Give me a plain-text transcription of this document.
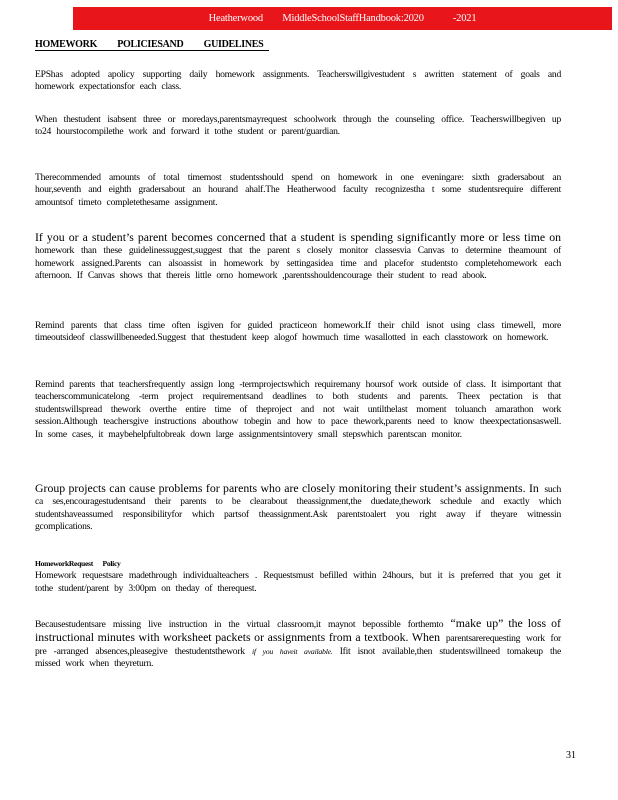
Heatherwood MiddleSchoolStaffHandbook:2020	-2021
HOMEWORK POLICIESAND GUIDELINES
EPShas adopted apolicy supporting daily homework assignments. Teacherswillgivestudent s awritten statement of goals and homework expectationsfor each class.
When thestudent isabsent three or moredays,parentsmayrequest schoolwork through the counseling office. Teacherswillbegiven up to24 hourstocompilethe work and forward it tothe student or parent/guardian.
Therecommended amounts of total timemost studentsshould spend on homework in one eveningare: sixth gradersabout an hour,seventh and eighth gradersabout an hourand ahalf.The Heatherwood faculty recognizestha t some studentsrequire different amountsof timeto completethesame assignment.
If you or a student’s parent becomes concerned that a student is spending significantly more or less time on homework than these guidelinessuggest,suggest that the parent s closely monitor classesvia Canvas to determine theamount of homework assigned.Parents can alsoassist in homework by settingasidea time and placefor studentsto completehomework each afternoon. If Canvas shows that thereis little orno homework ,parentsshouldencourage their student to read abook.
Remind parents that class time often isgiven for guided practiceon homework.If their child isnot using class timewell, more timeoutsideof classwillbeneeded.Suggest that thestudent keep alogof howmuch time wasallotted in each classtowork on homework.
Remind parents that teachersfrequently assign long -termprojectswhich requiremany hoursof work outside of class. It isimportant that teacherscommunicatelong -term project requirementsand deadlines to both students and parents. Theex pectation is that studentswillspread thework overthe entire time of theproject and not wait untilthelast moment toluanch amarathon work session.Although teachersgive instructions abouthow tobegin and how to pace thework,parents need to know theexpectationsaswell. In some cases, it maybehelpfultobreak down large assignmentsintovery small stepswhich parentscan monitor.
Group projects can cause problems for parents who are closely monitoring their student’s assignments. In such ca ses,encouragestudentsand their parents to be clearabout theassignment,the duedate,thework schedule and exactly which studentshaveassumed responsibilityfor which partsof theassignment.Ask parentstoalert you right away if theyare witnessin gcomplications.
HomeworkRequest Policy
Homework requestsare madethrough individualteachers . Requestsmust befilled within 24hours, but it is preferred that you get it tothe student/parent by 3:00pm on theday of therequest.
Becausestudentsare missing live instruction in the virtual classroom,it maynot bepossible forthemto “make up” the loss of instructional minutes with worksheet packets or assignments from a textbook. When parentsarerequesting work for pre -arranged absences,pleasegive thestudentsthework if you haveit available. Ifit isnot available,then studentswillneed tomakeup the missed work when theyreturn.
31
